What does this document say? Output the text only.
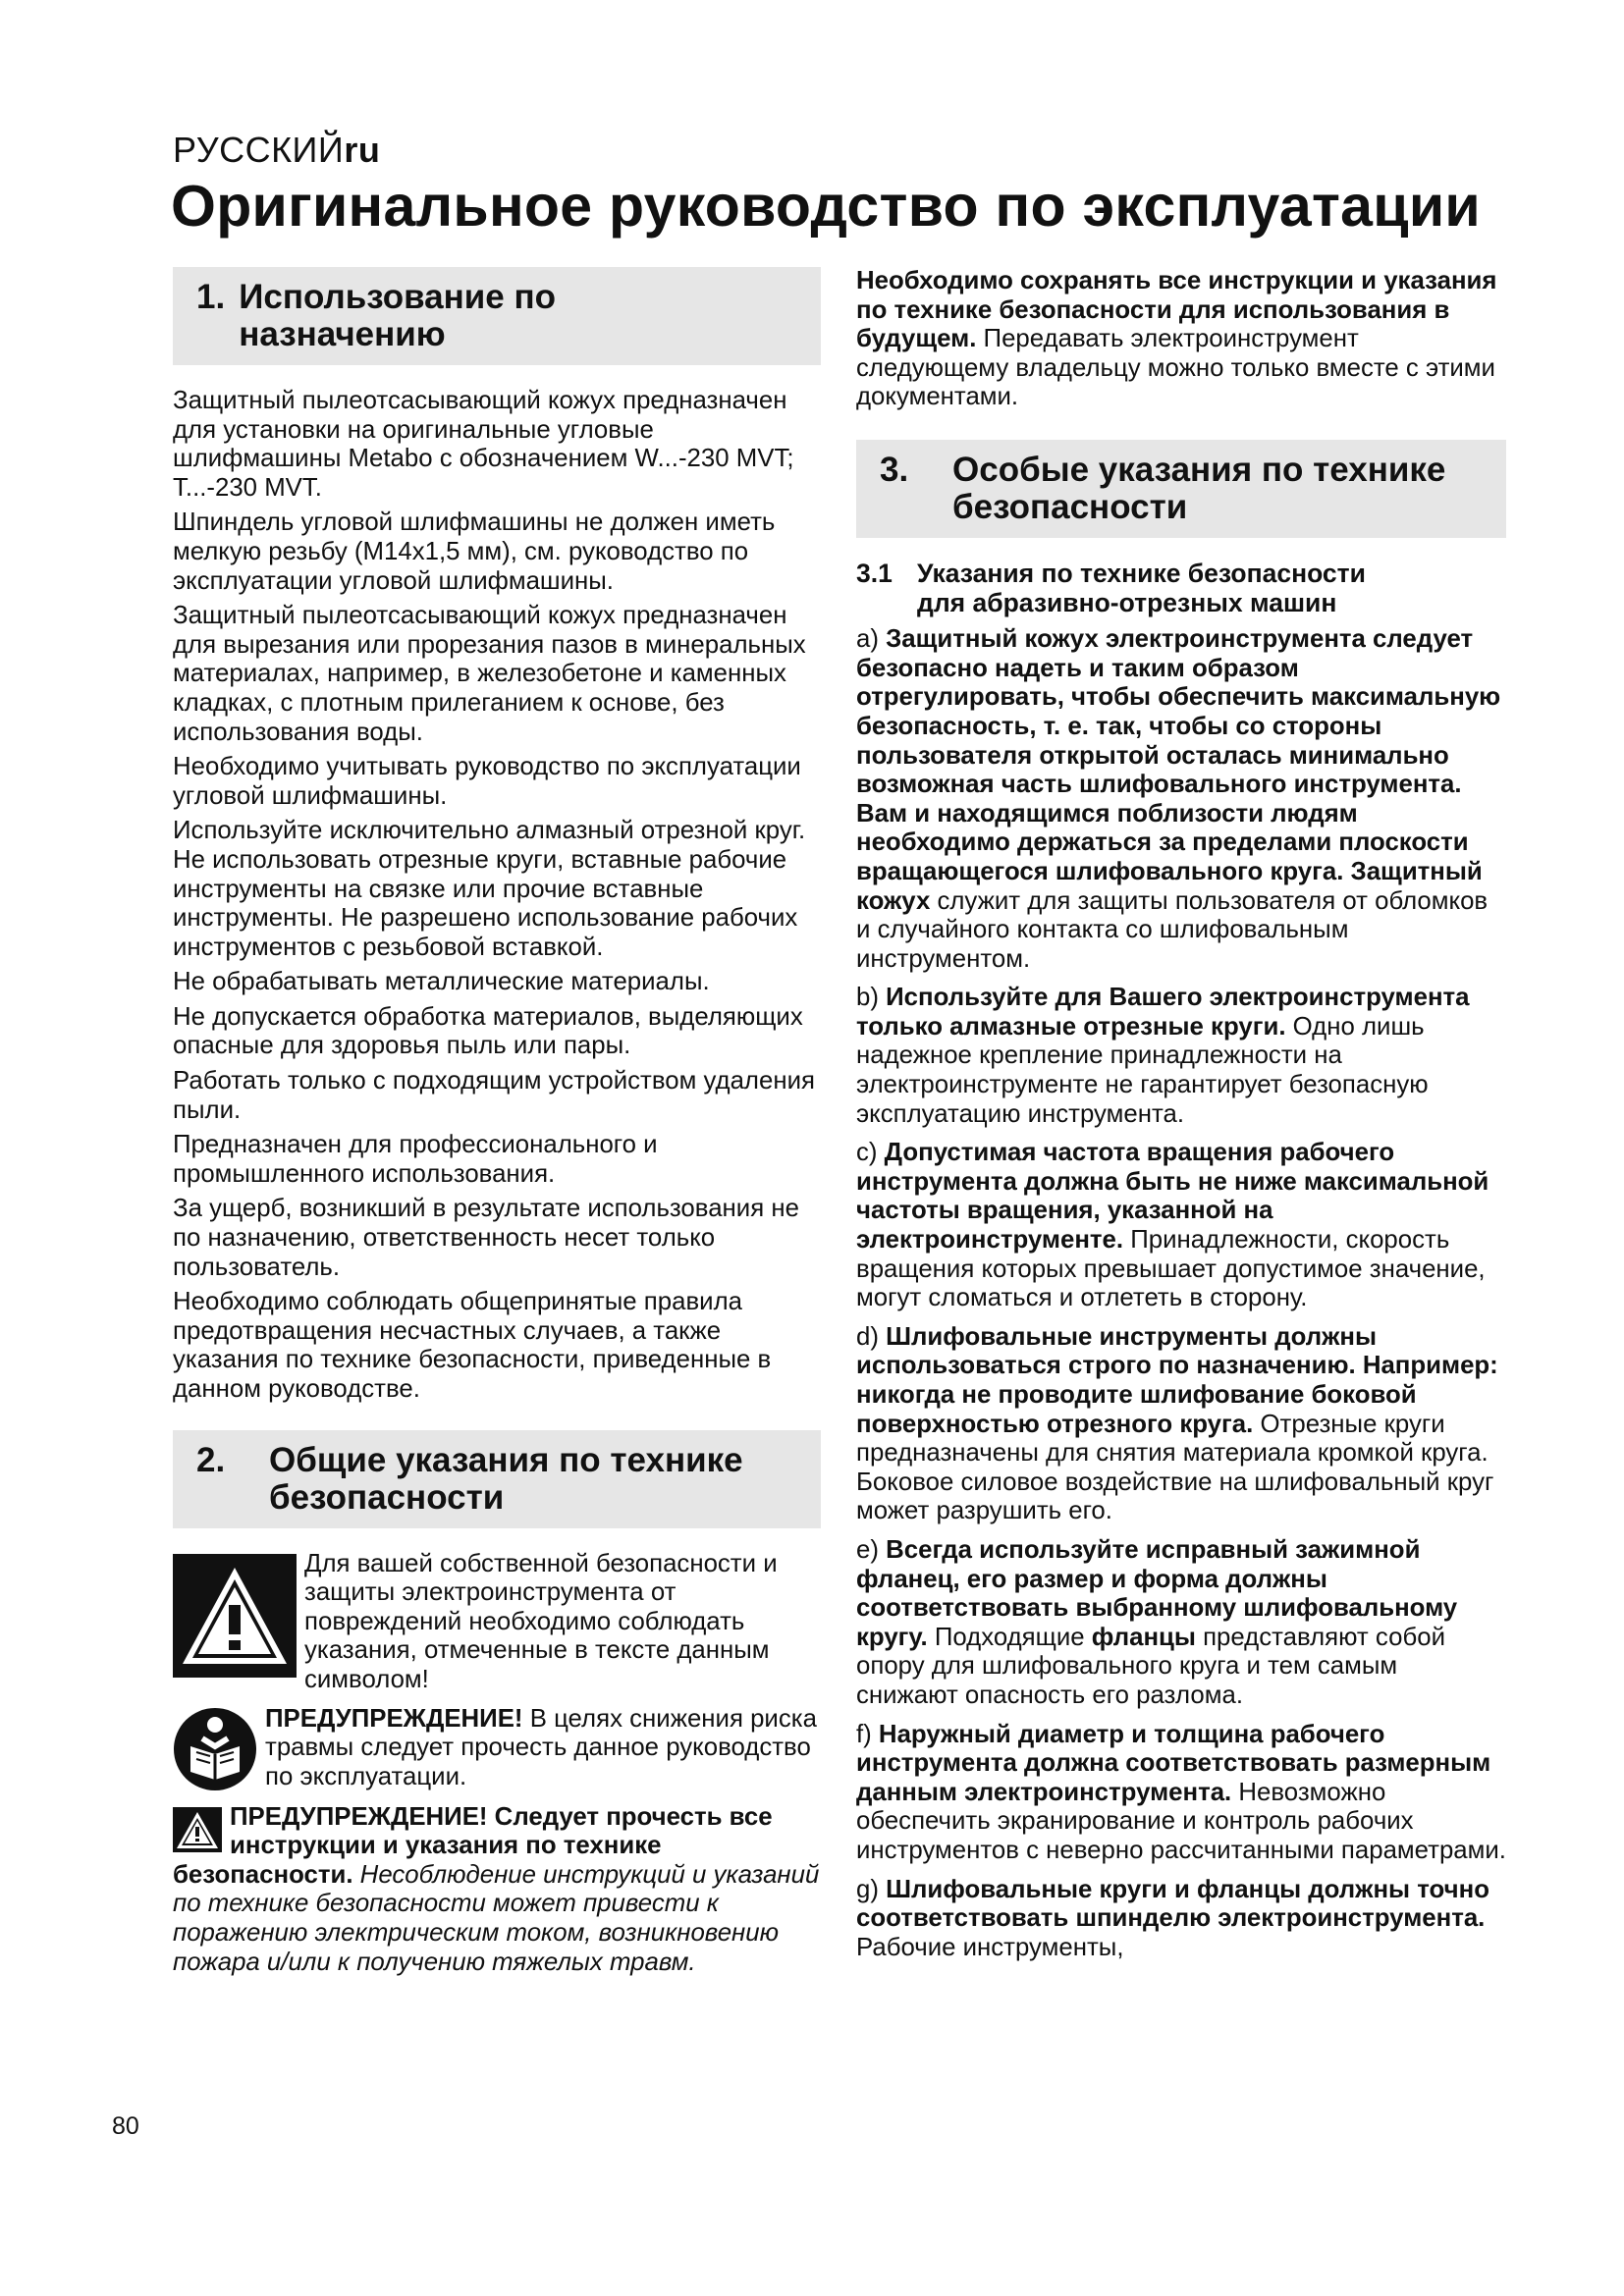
РУССКИЙru
Оригинальное руководство по эксплуатации
1. Использование по
назначению

Защитный пылеотсасывающий кожух предназначен для установки на оригинальные угловые шлифмашины Metabo с обозначением W...-230 MVT; T...-230 MVT.

Шпиндель угловой шлифмашины не должен иметь мелкую резьбу (M14x1,5 мм), см. руководство по эксплуатации угловой шлифмашины.

Защитный пылеотсасывающий кожух предназначен для вырезания или прорезания пазов в минеральных материалах, например, в железобетоне и каменных кладках, с плотным прилеганием к основе, без использования воды.

Необходимо учитывать руководство по эксплуатации угловой шлифмашины.

Используйте исключительно алмазный отрезной круг. Не использовать отрезные круги, вставные рабочие инструменты на связке или прочие вставные инструменты. Не разрешено использование рабочих инструментов с резьбовой вставкой.

Не обрабатывать металлические материалы.

Не допускается обработка материалов, выделяющих опасные для здоровья пыль или пары.

Работать только с подходящим устройством удаления пыли.

Предназначен для профессионального и промышленного использования.

За ущерб, возникший в результате использования не по назначению, ответственность несет только пользователь.

Необходимо соблюдать общепринятые правила предотвращения несчастных случаев, а также указания по технике безопасности, приведенные в данном руководстве.

2.	Общие указания по технике
безопасности
Для вашей собственной безопасности и защиты электроинструмента от повреждений необходимо соблюдать указания, отмеченные в тексте данным символом!
ПРЕДУПРЕЖДЕНИЕ! В целях снижения риска травмы следует прочесть данное руководство по эксплуатации.
ПРЕДУПРЕЖДЕНИЕ! Следует прочесть все инструкции и указания по технике безопасности. Несоблюдение инструкций и указаний по технике безопасности может привести к поражению электрическим током, возникновению пожара и/или к получению тяжелых травм.

Необходимо сохранять все инструкции и указания по технике безопасности для использования в будущем. Передавать электроинструмент следующему владельцу можно только вместе с этими документами.

3.	Особые указания по технике
безопасности
3.1 Указания по технике безопасности
для абразивно-отрезных машин

a) Защитный кожух электроинструмента следует безопасно надеть и таким образом отрегулировать, чтобы обеспечить максимальную безопасность, т. е. так, чтобы со стороны пользователя открытой осталась минимально возможная часть шлифовального инструмента. Вам и находящимся поблизости людям необходимо держаться за пределами плоскости вращающегося шлифовального круга. Защитный кожух служит для защиты пользователя от обломков и случайного контакта со шлифовальным инструментом.

b) Используйте для Вашего электроинструмента только алмазные отрезные круги. Одно лишь надежное крепление принадлежности на электроинструменте не гарантирует безопасную эксплуатацию инструмента.

c) Допустимая частота вращения рабочего инструмента должна быть не ниже максимальной частоты вращения, указанной на электроинструменте. Принадлежности, скорость вращения которых превышает допустимое значение, могут сломаться и отлететь в сторону.

d) Шлифовальные инструменты должны использоваться строго по назначению. Например: никогда не проводите шлифование боковой поверхностью отрезного круга. Отрезные круги предназначены для снятия материала кромкой круга. Боковое силовое воздействие на шлифовальный круг может разрушить его.

e) Всегда используйте исправный зажимной фланец, его размер и форма должны соответствовать выбранному шлифовальному кругу. Подходящие фланцы представляют собой опору для шлифовального круга и тем самым снижают опасность его разлома.

f) Наружный диаметр и толщина рабочего инструмента должна соответствовать размерным данным электроинструмента. Невозможно обеспечить экранирование и контроль рабочих инструментов с неверно рассчитанными параметрами.

g) Шлифовальные круги и фланцы должны точно соответствовать шпинделю электроинструмента. Рабочие инструменты,

80
